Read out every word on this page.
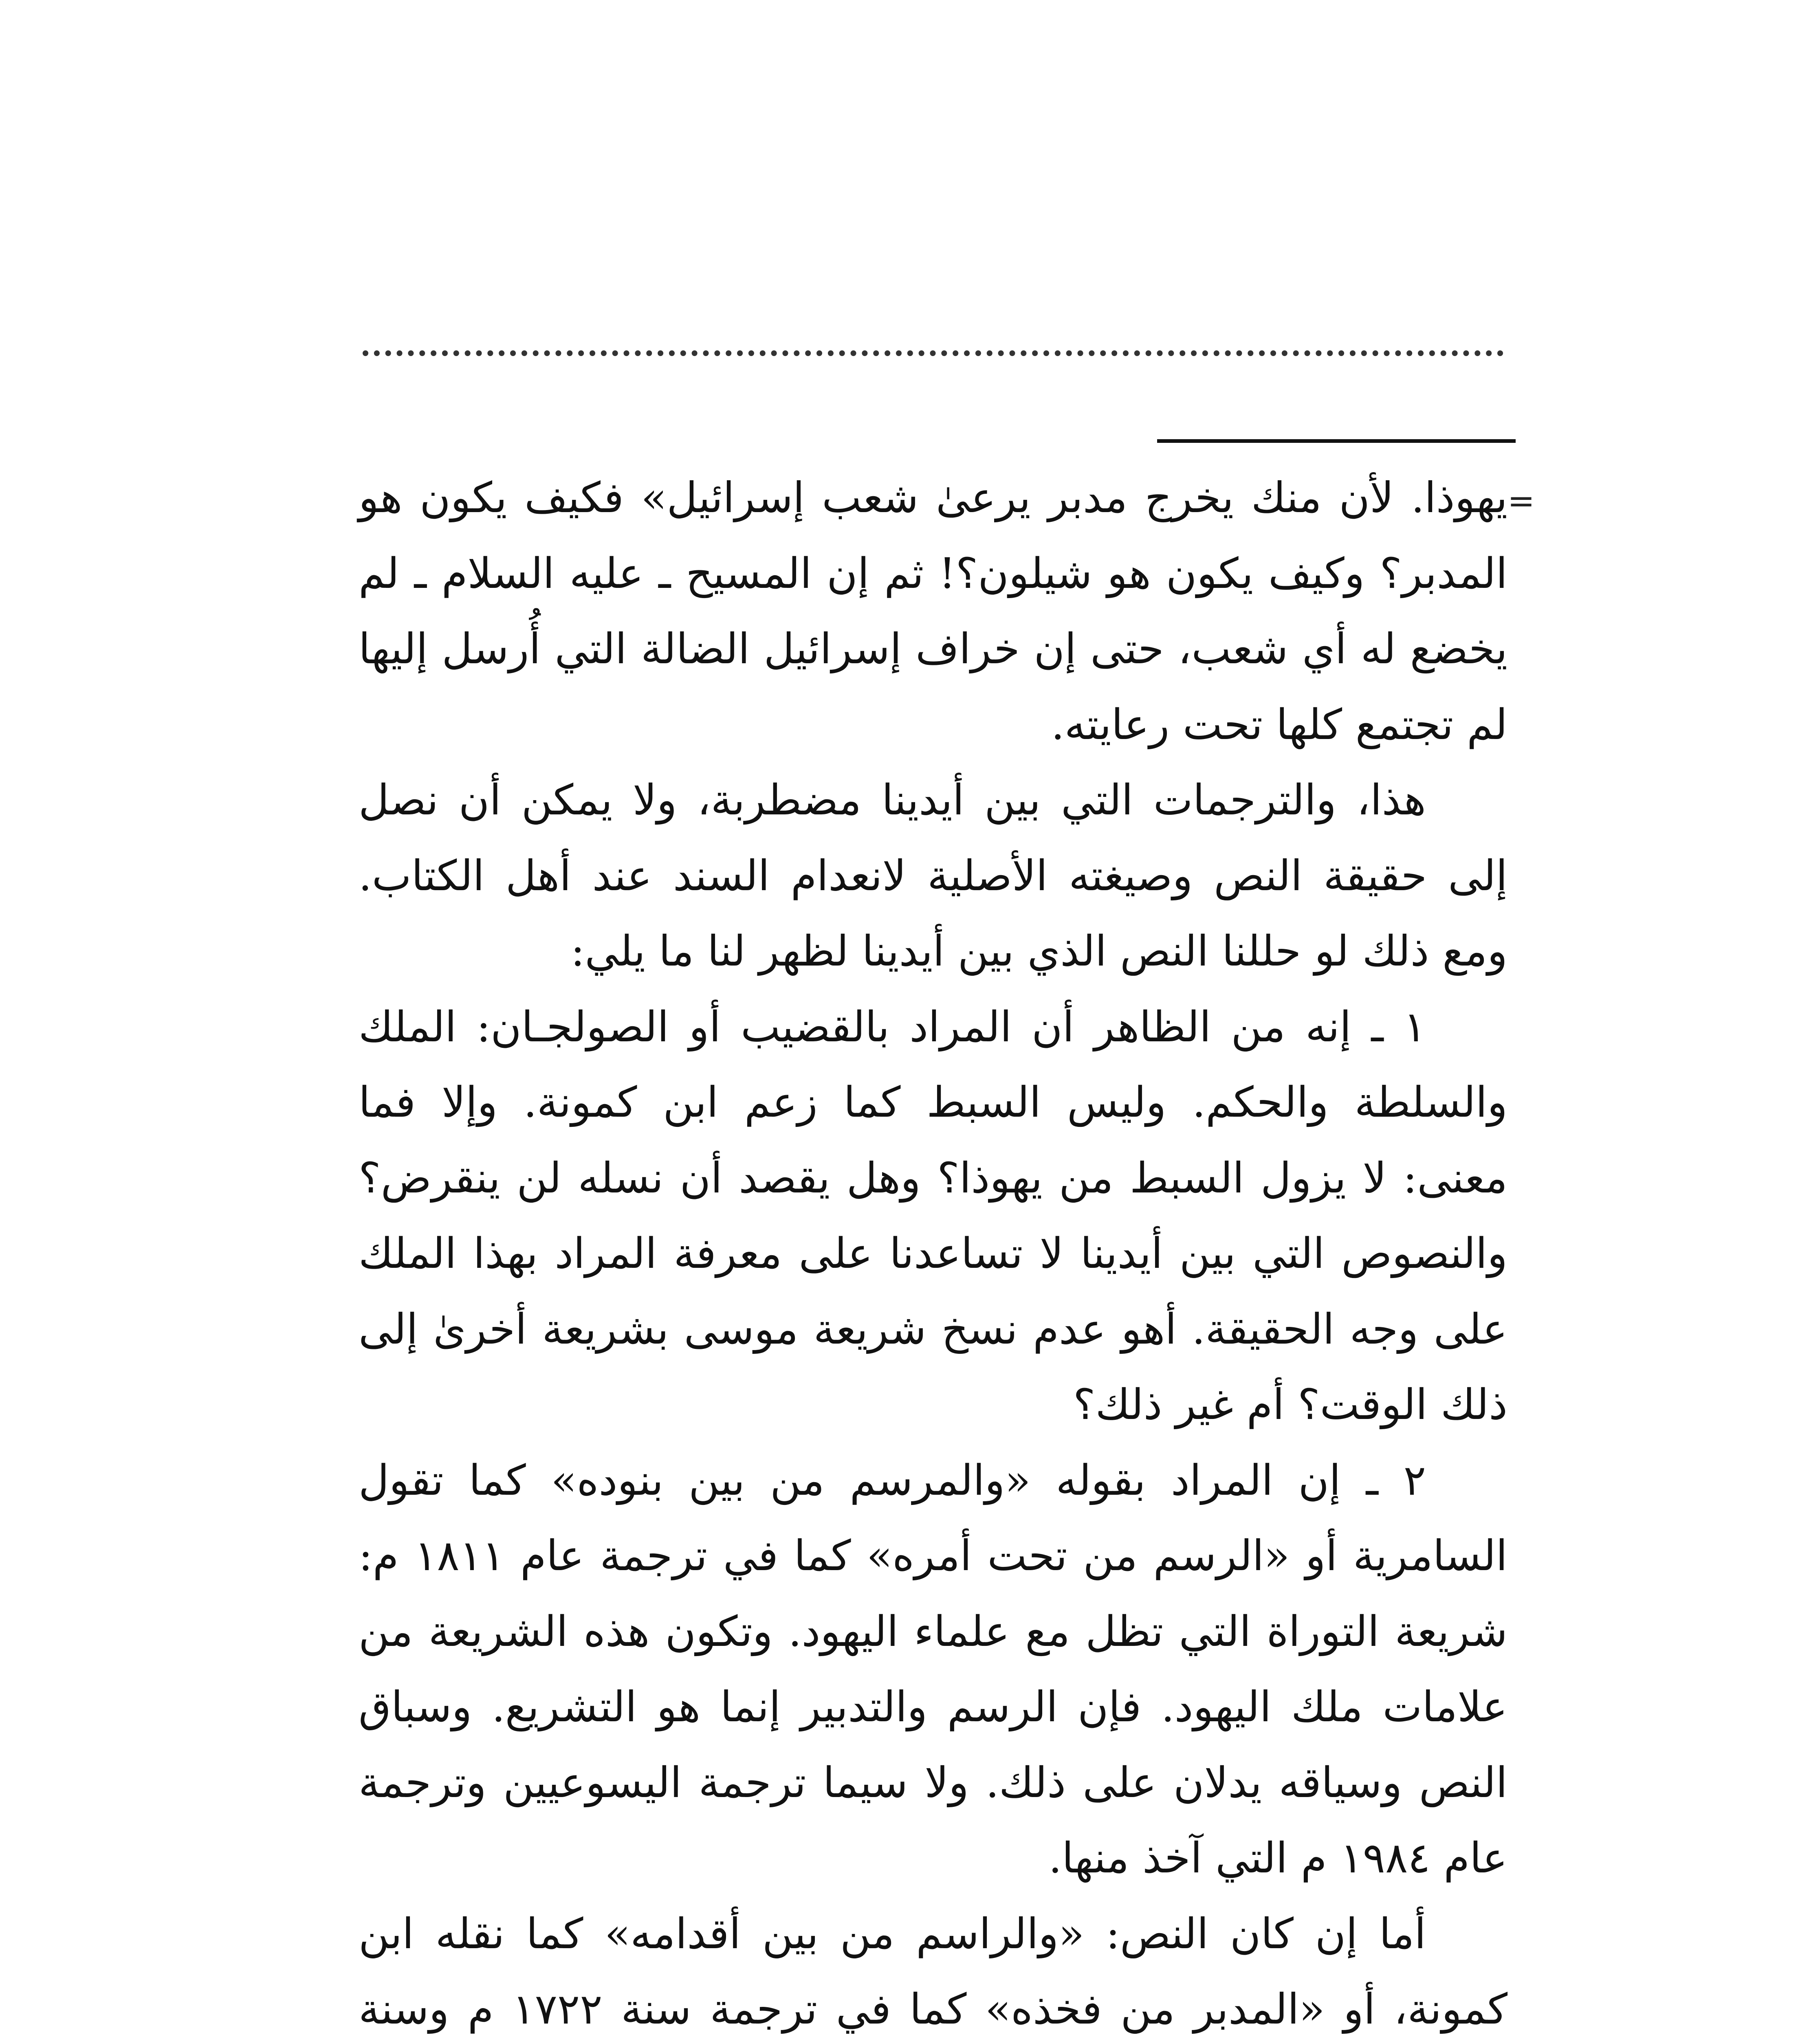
=

يهوذا. لأن منك يخرج مدبر يرعىٰ شعب إسرائيل» فكيف يكون هو المدبر؟ وكيف يكون هو شيلون؟! ثم إن المسيح ـ عليه السلام ـ لم يخضع له أي شعب، حتى إن خراف إسرائيل الضالة التي أُرسل إليها لم تجتمع كلها تحت رعايته.

هذا، والترجمات التي بين أيدينا مضطربة، ولا يمكن أن نصل إلى حقيقة النص وصيغته الأصلية لانعدام السند عند أهل الكتاب. ومع ذلك لو حللنا النص الذي بين أيدينا لظهر لنا ما يلي:

١ ـ إنه من الظاهر أن المراد بالقضيب أو الصولجـان: الملك والسلطة والحكم. وليس السبط كما زعم ابن كمونة. وإلا فما معنى: لا يزول السبط من يهوذا؟ وهل يقصد أن نسله لن ينقرض؟ والنصوص التي بين أيدينا لا تساعدنا على معرفة المراد بهذا الملك على وجه الحقيقة. أهو عدم نسخ شريعة موسى بشريعة أخرىٰ إلى ذلك الوقت؟ أم غير ذلك؟

٢ ـ إن المراد بقوله «والمرسم من بين بنوده» كما تقول السامرية أو «الرسم من تحت أمره» كما في ترجمة عام ١٨١١ م: شريعة التوراة التي تظل مع علماء اليهود. وتكون هذه الشريعة من علامات ملك اليهود. فإن الرسم والتدبير إنما هو التشريع. وسباق النص وسياقه يدلان على ذلك. ولا سيما ترجمة اليسوعيين وترجمة عام ١٩٨٤ م التي آخذ منها.

أما إن كان النص: «والراسم من بين أقدامه» كما نقله ابن كمونة، أو «المدبر من فخذه» كما في ترجمة سنة ١٧٢٢ م وسنة
